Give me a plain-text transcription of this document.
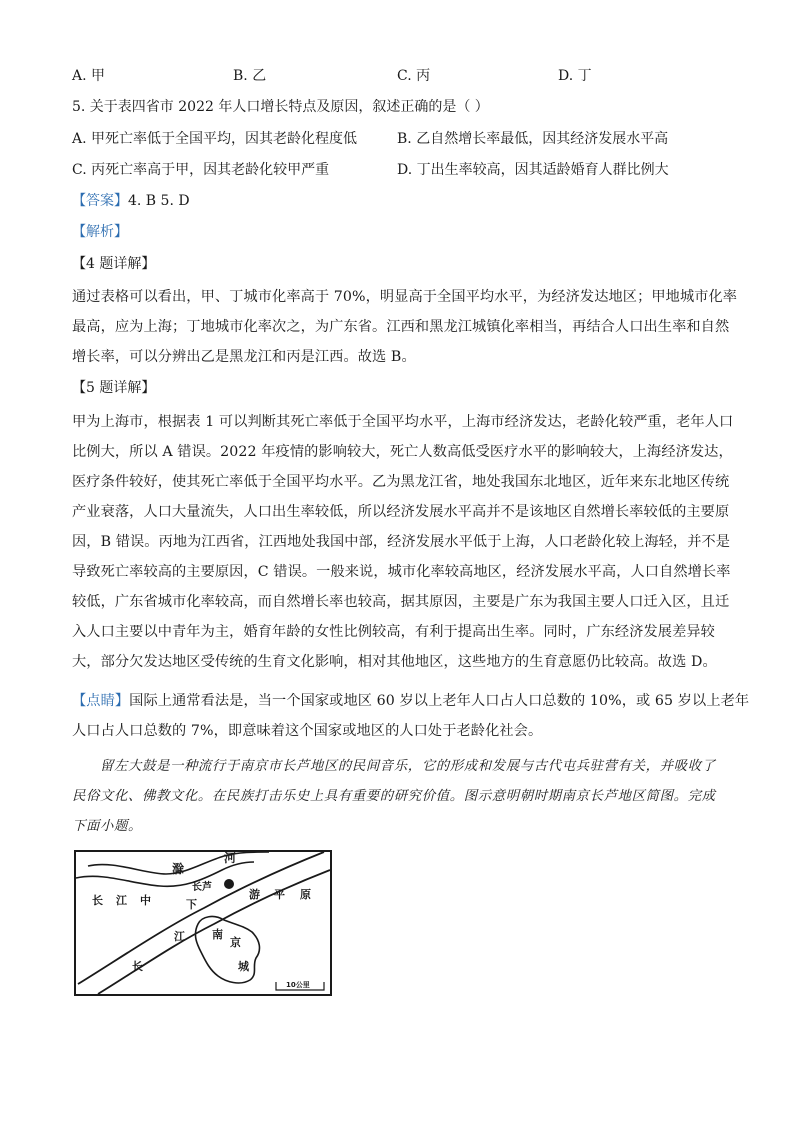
A. 甲	B. 乙	C. 丙	D. 丁
5. 关于表四省市 2022 年人口增长特点及原因，叙述正确的是（ ）
A. 甲死亡率低于全国平均，因其老龄化程度低	B. 乙自然增长率最低，因其经济发展水平高
C. 丙死亡率高于甲，因其老龄化较甲严重	D. 丁出生率较高，因其适龄婚育人群比例大
【答案】4. B 5. D
【解析】
【4 题详解】
通过表格可以看出，甲、丁城市化率高于 70%，明显高于全国平均水平，为经济发达地区；甲地城市化率
最高，应为上海；丁地城市化率次之，为广东省。江西和黑龙江城镇化率相当，再结合人口出生率和自然
增长率，可以分辨出乙是黑龙江和丙是江西。故选 B。
【5 题详解】
甲为上海市，根据表 1 可以判断其死亡率低于全国平均水平，上海市经济发达，老龄化较严重，老年人口
比例大，所以 A 错误。2022 年疫情的影响较大，死亡人数高低受医疗水平的影响较大，上海经济发达，
医疗条件较好，使其死亡率低于全国平均水平。乙为黑龙江省，地处我国东北地区，近年来东北地区传统
产业衰落，人口大量流失，人口出生率较低，所以经济发展水平高并不是该地区自然增长率较低的主要原
因，B 错误。丙地为江西省，江西地处我国中部，经济发展水平低于上海，人口老龄化较上海轻，并不是
导致死亡率较高的主要原因，C 错误。一般来说，城市化率较高地区，经济发展水平高，人口自然增长率
较低，广东省城市化率较高，而自然增长率也较高，据其原因，主要是广东为我国主要人口迁入区，且迁
入人口主要以中青年为主，婚育年龄的女性比例较高，有利于提高出生率。同时，广东经济发展差异较
大，部分欠发达地区受传统的生育文化影响，相对其他地区，这些地方的生育意愿仍比较高。故选 D。
【点睛】国际上通常看法是，当一个国家或地区 60 岁以上老年人口占人口总数的 10%，或 65 岁以上老年
人口占人口总数的 7%，即意味着这个国家或地区的人口处于老龄化社会。
留左大鼓是一种流行于南京市长芦地区的民间音乐，它的形成和发展与古代屯兵驻营有关，并吸收了
民俗文化、佛教文化。在民族打击乐史上具有重要的研究价值。图示意明朝时期南京长芦地区简图。完成
下面小题。
滁
河
长芦
长
江
长 江 中	下
游 平 原
南
京
城
10公里
